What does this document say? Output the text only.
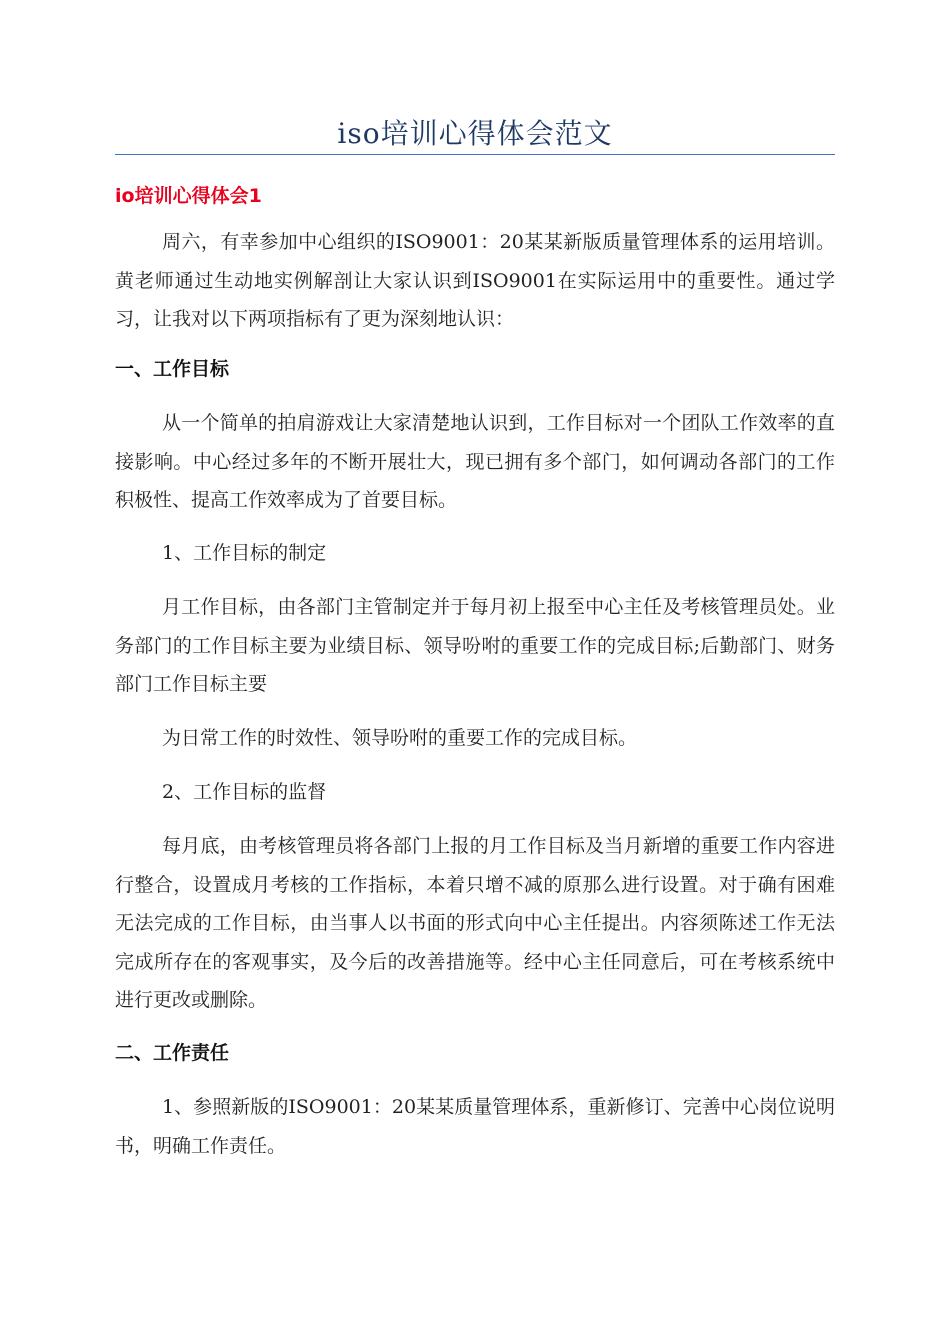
iso培训心得体会范文
io培训心得体会1
周六，有幸参加中心组织的ISO9001：20某某新版质量管理体系的运用培训。黄老师通过生动地实例解剖让大家认识到ISO9001在实际运用中的重要性。通过学习，让我对以下两项指标有了更为深刻地认识：
一、工作目标
从一个简单的拍肩游戏让大家清楚地认识到，工作目标对一个团队工作效率的直接影响。中心经过多年的不断开展壮大，现已拥有多个部门，如何调动各部门的工作积极性、提高工作效率成为了首要目标。
1、工作目标的制定
月工作目标，由各部门主管制定并于每月初上报至中心主任及考核管理员处。业务部门的工作目标主要为业绩目标、领导吩咐的重要工作的完成目标;后勤部门、财务部门工作目标主要
为日常工作的时效性、领导吩咐的重要工作的完成目标。
2、工作目标的监督
每月底，由考核管理员将各部门上报的月工作目标及当月新增的重要工作内容进行整合，设置成月考核的工作指标，本着只增不减的原那么进行设置。对于确有困难无法完成的工作目标，由当事人以书面的形式向中心主任提出。内容须陈述工作无法完成所存在的客观事实，及今后的改善措施等。经中心主任同意后，可在考核系统中进行更改或删除。
二、工作责任
1、参照新版的ISO9001：20某某质量管理体系，重新修订、完善中心岗位说明书，明确工作责任。
